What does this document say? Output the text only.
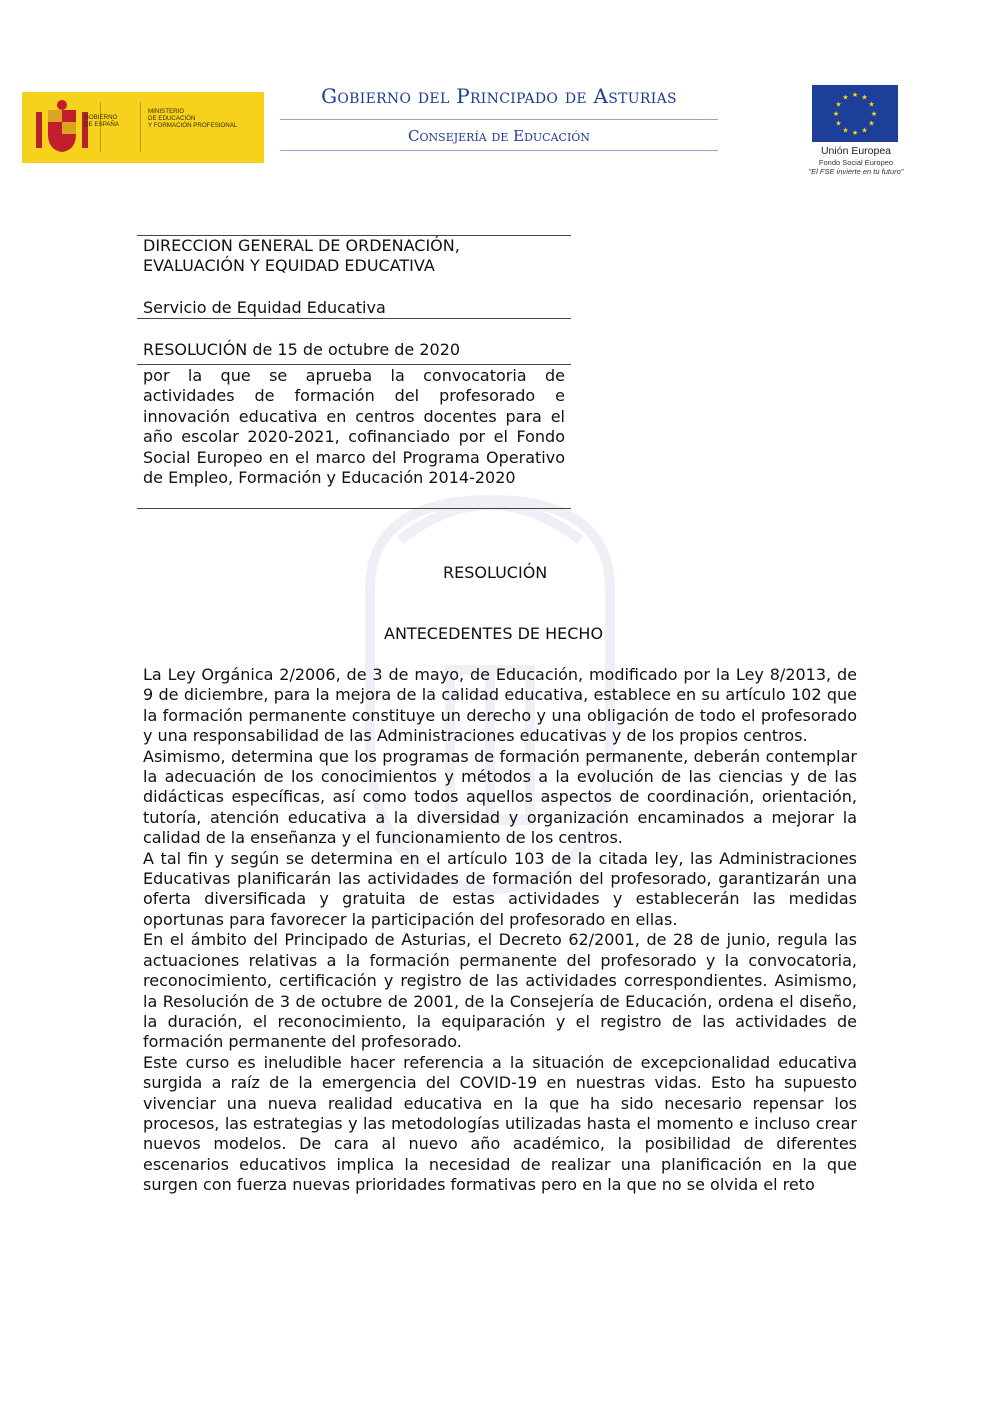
GOBIERNO
DE ESPAÑA
MINISTERIO
DE EDUCACIÓN
Y FORMACIÓN PROFESIONAL
Gobierno del Principado de Asturias
Consejería de Educación
★ ★
★
★
★
★
★
★
★
★
★
★
Unión Europea
Fondo Social Europeo
"El FSE invierte en tu futuro"
DIRECCION GENERAL DE ORDENACIÓN, EVALUACIÓN Y EQUIDAD EDUCATIVA
Servicio de Equidad Educativa
RESOLUCIÓN de 15 de octubre de 2020
por la que se aprueba la convocatoria de actividades de formación del profesorado e innovación educativa en centros docentes para el año escolar 2020-2021, cofinanciado por el Fondo Social Europeo en el marco del Programa Operativo de Empleo, Formación y Educación 2014-2020
RESOLUCIÓN
ANTECEDENTES DE HECHO

La Ley Orgánica 2/2006, de 3 de mayo, de Educación, modificado por la Ley 8/2013, de 9 de diciembre, para la mejora de la calidad educativa, establece en su artículo 102 que la formación permanente constituye un derecho y una obligación de todo el profesorado y una responsabilidad de las Administraciones educativas y de los propios centros.

Asimismo, determina que los programas de formación permanente, deberán contemplar la adecuación de los conocimientos y métodos a la evolución de las ciencias y de las didácticas específicas, así como todos aquellos aspectos de coordinación, orientación, tutoría, atención educativa a la diversidad y organización encaminados a mejorar la calidad de la enseñanza y el funcionamiento de los centros.

A tal fin y según se determina en el artículo 103 de la citada ley, las Administraciones Educativas planificarán las actividades de formación del profesorado, garantizarán una oferta diversificada y gratuita de estas actividades y establecerán las medidas oportunas para favorecer la participación del profesorado en ellas.

En el ámbito del Principado de Asturias, el Decreto 62/2001, de 28 de junio, regula las actuaciones relativas a la formación permanente del profesorado y la convocatoria, reconocimiento, certificación y registro de las actividades correspondientes. Asimismo, la Resolución de 3 de octubre de 2001, de la Consejería de Educación, ordena el diseño, la duración, el reconocimiento, la equiparación y el registro de las actividades de formación permanente del profesorado.

Este curso es ineludible hacer referencia a la situación de excepcionalidad educativa surgida a raíz de la emergencia del COVID-19 en nuestras vidas. Esto ha supuesto vivenciar una nueva realidad educativa en la que ha sido necesario repensar los procesos, las estrategias y las metodologías utilizadas hasta el momento e incluso crear nuevos modelos. De cara al nuevo año académico, la posibilidad de diferentes escenarios educativos implica la necesidad de realizar una planificación en la que surgen con fuerza nuevas prioridades formativas pero en la que no se olvida el reto
